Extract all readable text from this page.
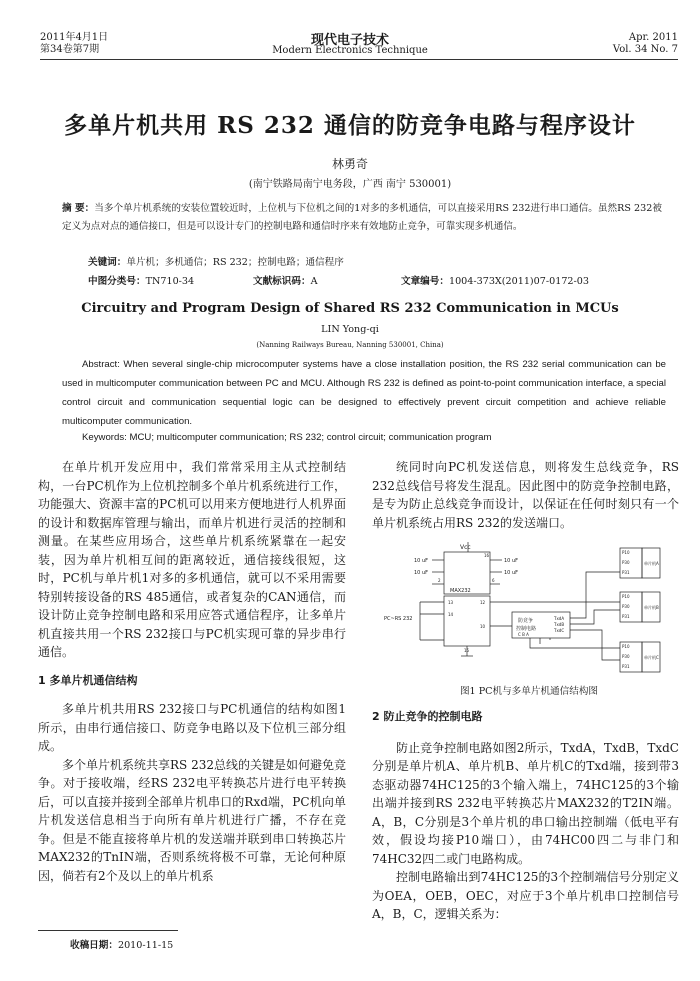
2011年4月1日
第34卷第7期
现代电子技术
Modern Electronics Technique
Apr. 2011
Vol. 34 No. 7
多单片机共用 RS 232 通信的防竞争电路与程序设计
林勇奇
(南宁铁路局南宁电务段，广西 南宁 530001)
摘 要：当多个单片机系统的安装位置较近时，上位机与下位机之间的1对多的多机通信，可以直接采用RS 232进行串口通信。虽然RS 232被定义为点对点的通信接口，但是可以设计专门的控制电路和通信时序来有效地防止竞争，可靠实现多机通信。
关键词：单片机；多机通信；RS 232；控制电路；通信程序
中图分类号：TN710-34	文献标识码：A	文章编号：1004-373X(2011)07-0172-03
Circuitry and Program Design of Shared RS 232 Communication in MCUs
LIN Yong-qi
(Nanning Railways Bureau, Nanning 530001, China)
Abstract: When several single-chip microcomputer systems have a close installation position, the RS 232 serial communication can be used in multicomputer communication between PC and MCU. Although RS 232 is defined as point-to-point communication interface, a special control circuit and communication sequential logic can be designed to effectively prevent circuit competition and achieve reliable multicomputer communication.
Keywords: MCU; multicomputer communication; RS 232; control circuit; communication program

在单片机开发应用中，我们常常采用主从式控制结构，一台PC机作为上位机控制多个单片机系统进行工作，功能强大、资源丰富的PC机可以用来方便地进行人机界面的设计和数据库管理与输出，而单片机进行灵活的控制和测量。在某些应用场合，这些单片机系统紧靠在一起安装，因为单片机相互间的距离较近，通信接线很短，这时，PC机与单片机1对多的多机通信，就可以不采用需要特别转接设备的RS 485通信，或者复杂的CAN通信，而设计防止竞争控制电路和采用应答式通信程序，让多单片机直接共用一个RS 232接口与PC机实现可靠的异步串行通信。

1 多单片机通信结构

多单片机共用RS 232接口与PC机通信的结构如图1所示，由串行通信接口、防竞争电路以及下位机三部分组成。

多个单片机系统共享RS 232总线的关键是如何避免竞争。对于接收端，经RS 232电平转换芯片进行电平转换后，可以直接并接到全部单片机串口的Rxd端，PC机向单片机发送信息相当于向所有单片机进行广播，不存在竞争。但是不能直接将单片机的发送端并联到串口转换芯片MAX232的TnIN端，否则系统将极不可靠，无论何种原因，倘若有2个及以上的单片机系

统同时向PC机发送信息，则将发生总线竞争，RS 232总线信号将发生混乱。因此图中的防竞争控制电路，是专为防止总线竞争而设计，以保证在任何时刻只有一个单片机系统占用RS 232的发送端口。

Vcc
MAX232
10 uF
10 uF
10 uF
10 uF
16
2	6
13
14
12
10
15
PC~RS 232	防竞争
控制电路
C B A
TxdA
TxdB
TxdC
P10
P30
P31
单片机A
P10
P30
P31
单片机B
P10
P30
P31
单片机C
图1 PC机与多单片机通信结构图

2 防止竞争的控制电路

防止竞争控制电路如图2所示，TxdA，TxdB，TxdC分别是单片机A、单片机B、单片机C的Txd端，接到带3态驱动器74HC125的3个输入端上，74HC125的3个输出端并接到RS 232电平转换芯片MAX232的T2IN端。A，B，C分别是3个单片机的串口输出控制端（低电平有效，假设均接P10端口），由74HC00四二与非门和74HC32四二或门电路构成。

控制电路输出到74HC125的3个控制端信号分别定义为OEA，OEB，OEC，对应于3个单片机串口控制信号A，B，C，逻辑关系为：

收稿日期：2010-11-15
